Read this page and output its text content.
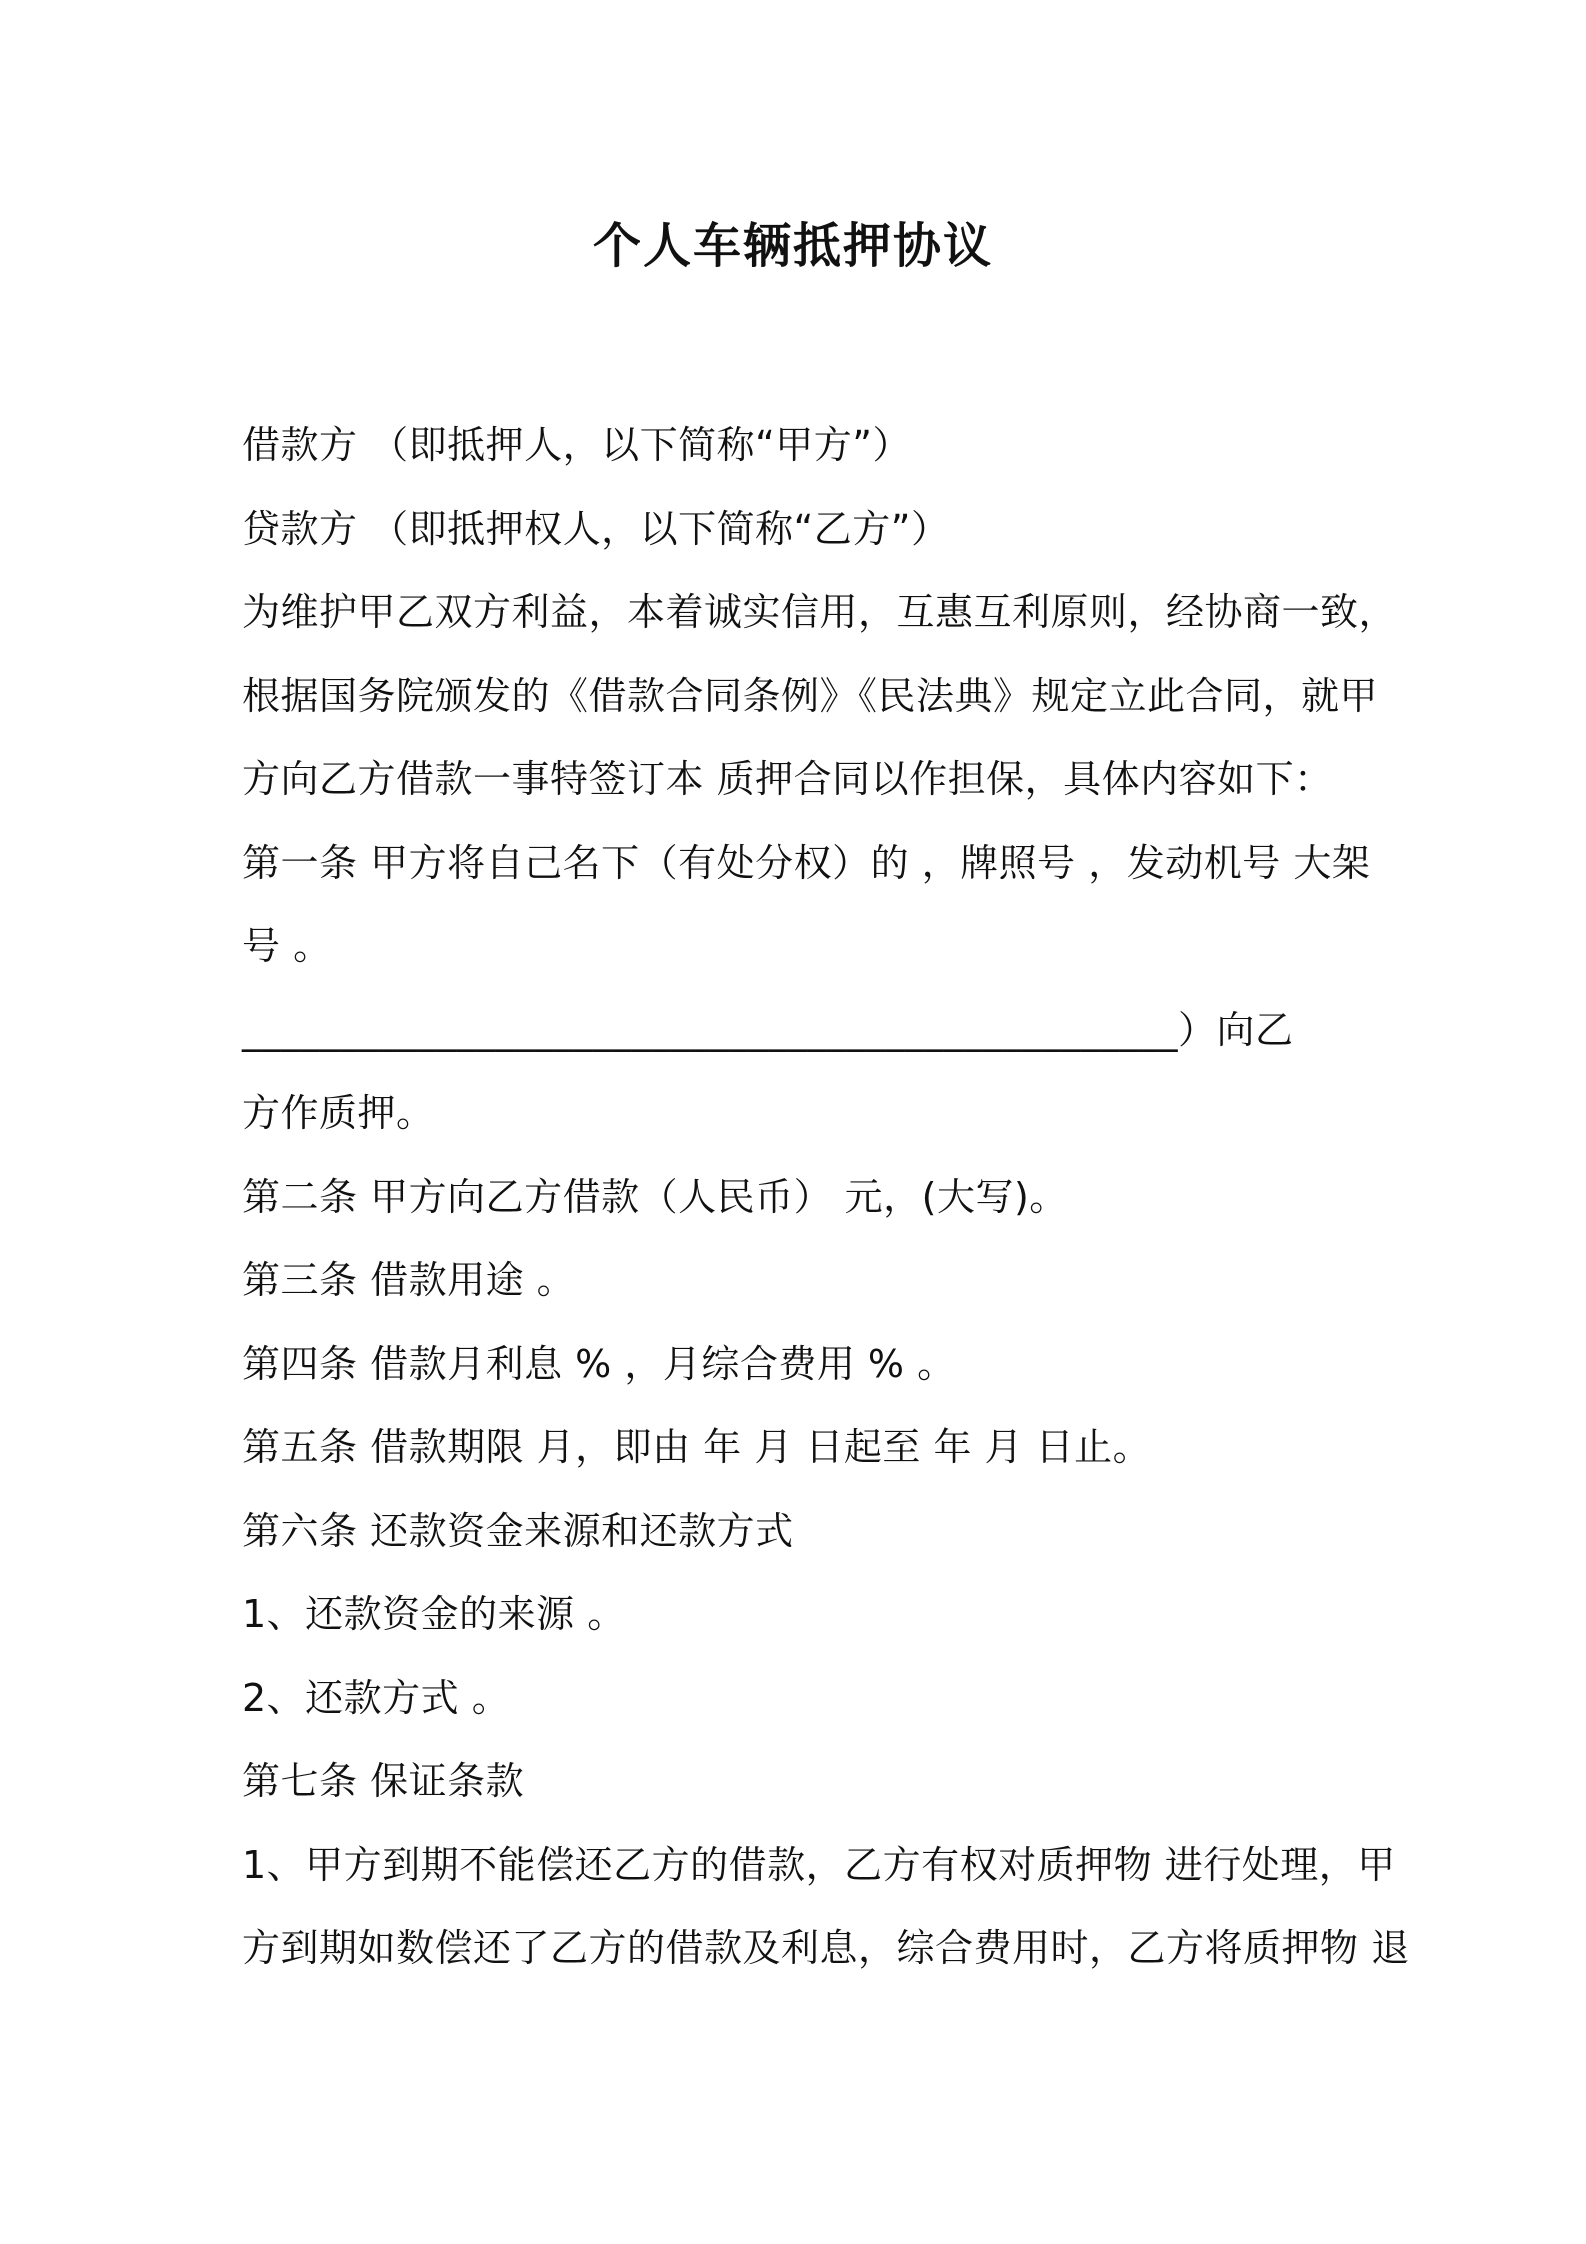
个人车辆抵押协议

借款方 （即抵押人，以下简称“甲方”）

贷款方 （即抵押权人，以下简称“乙方”）

为维护甲乙双方利益，本着诚实信用，互惠互利原则，经协商一致，

根据国务院颁发的《借款合同条例》《民法典》规定立此合同，就甲

方向乙方借款一事特签订本 质押合同以作担保，具体内容如下：

第一条 甲方将自己名下（有处分权）的 ，牌照号 ，发动机号 大架

号 。

________________________________________________）向乙

方作质押。

第二条 甲方向乙方借款（人民币） 元，(大写)。

第三条 借款用途 。

第四条 借款月利息 % ，月综合费用 % 。

第五条 借款期限 月，即由 年 月 日起至 年 月 日止。

第六条 还款资金来源和还款方式

1、还款资金的来源 。

2、还款方式 。

第七条 保证条款

1、甲方到期不能偿还乙方的借款，乙方有权对质押物 进行处理，甲

方到期如数偿还了乙方的借款及利息，综合费用时，乙方将质押物 退
